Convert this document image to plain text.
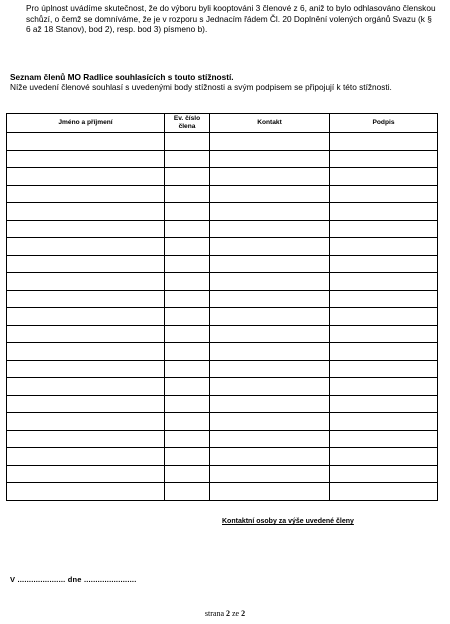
Pro úplnost uvádíme skutečnost, že do výboru byli kooptováni 3 členové z 6, aniž to bylo odhlasováno členskou schůzí, o čemž se domníváme, že je v rozporu s Jednacím řádem Čl. 20 Doplnění volených orgánů Svazu (k § 6 až 18 Stanov), bod 2), resp. bod 3) písmeno b).
Seznam členů MO Radlice souhlasících s touto stížností.
Níže uvedení členové souhlasí s uvedenými body stížnosti a svým podpisem se připojují k této stížnosti.
Jméno a příjmení	Ev. číslo člena	Kontakt	Podpis

Kontaktní osoby za výše uvedené členy
V ..................... dne .......................
strana 2 ze 2
